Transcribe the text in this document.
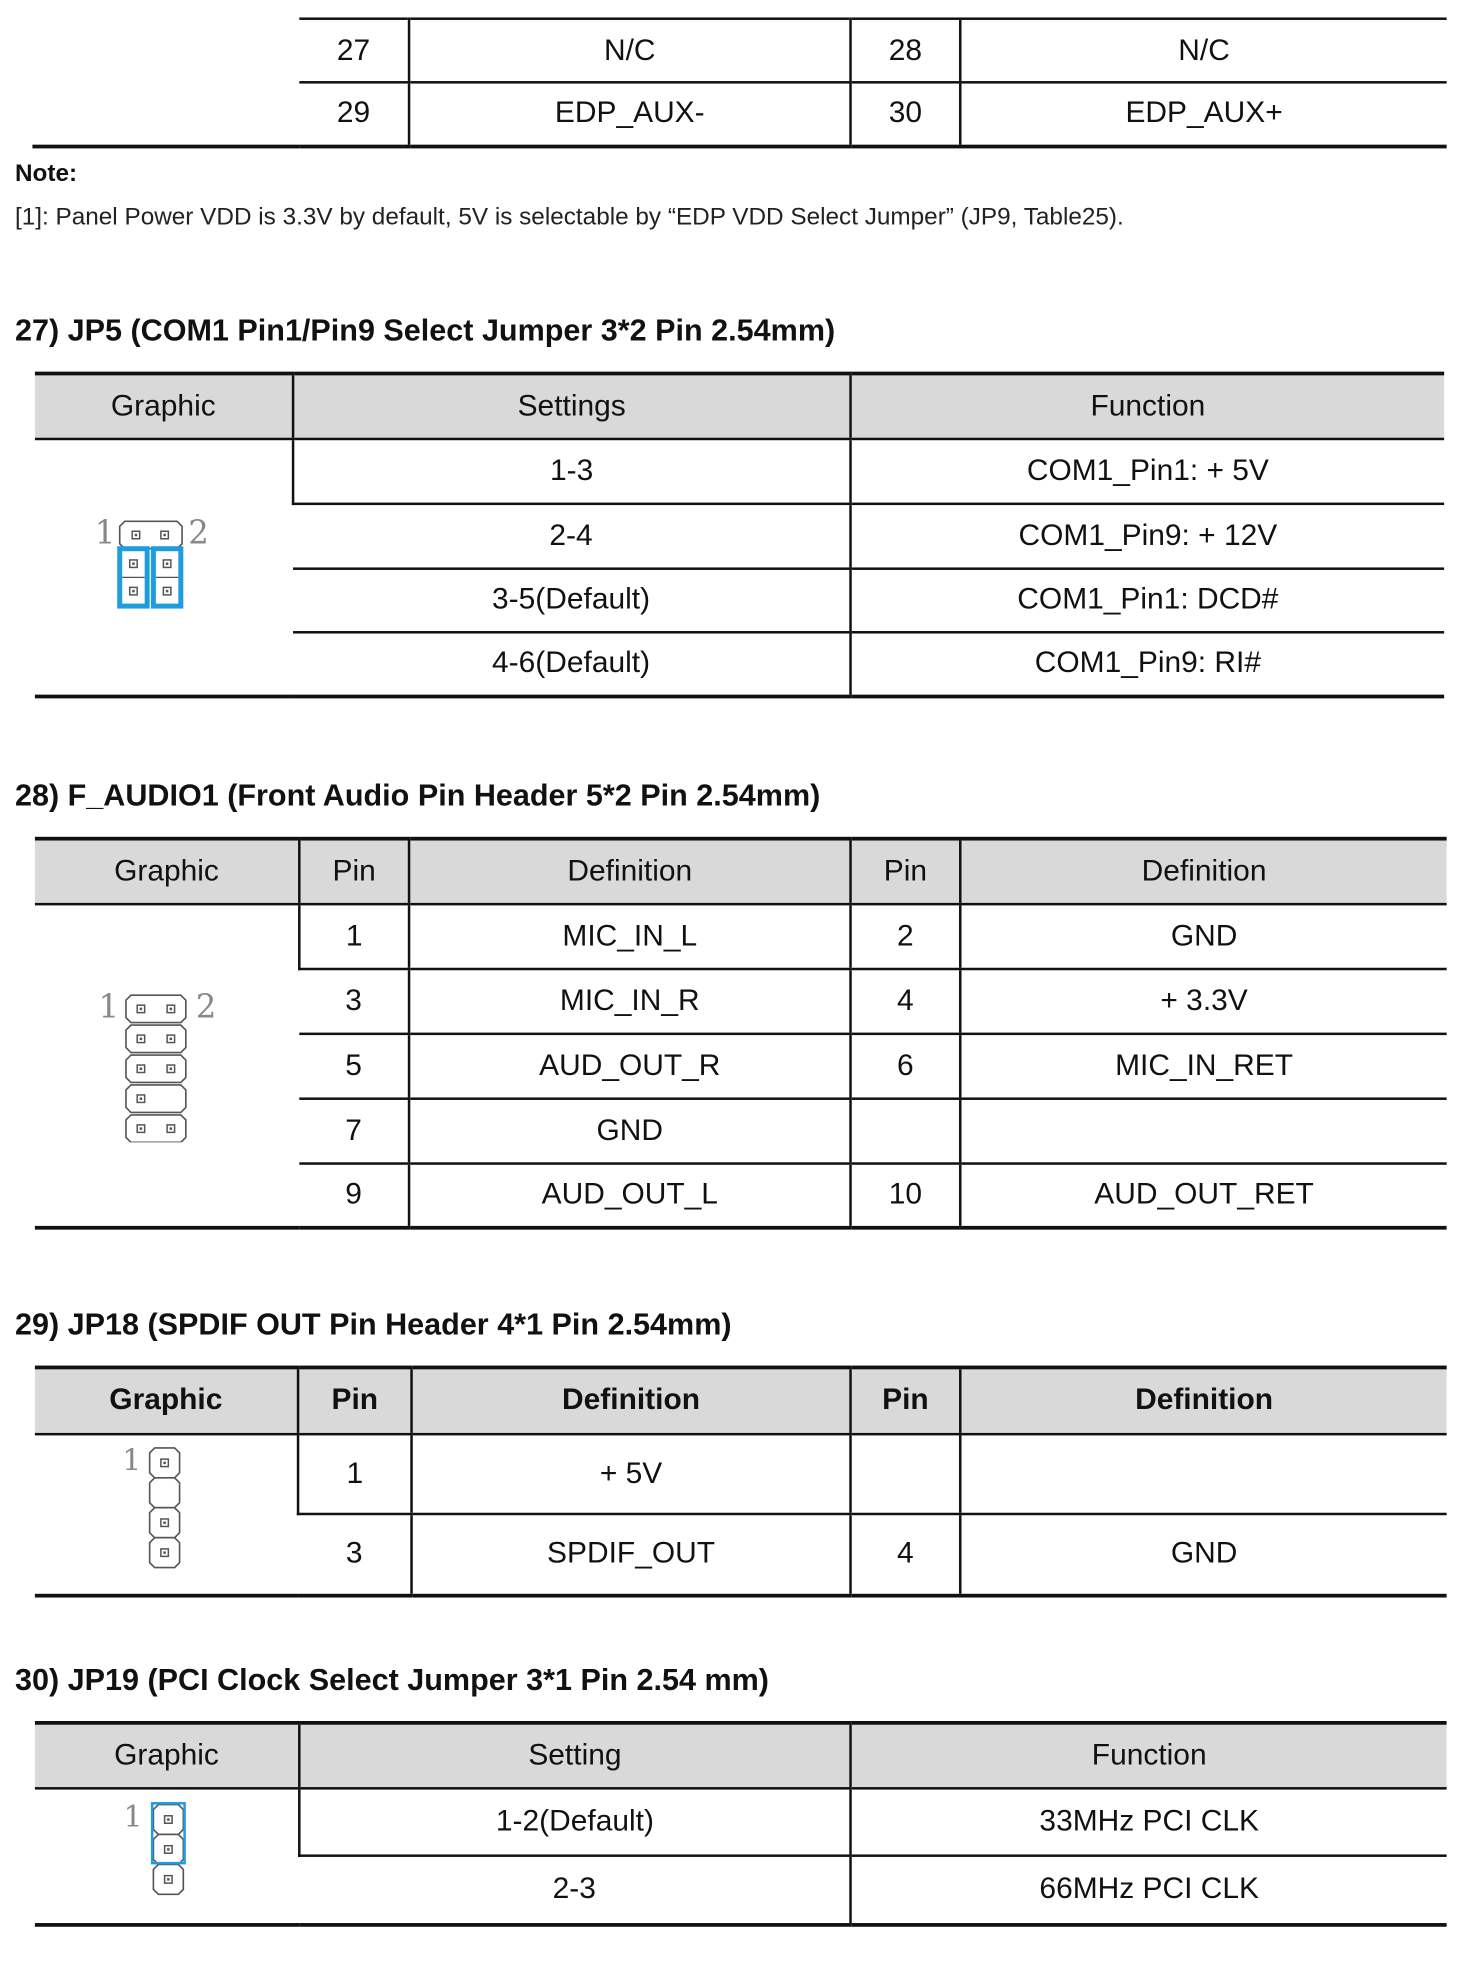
27	N/C	28	N/C
29	EDP_AUX-	30	EDP_AUX+
Note:
[1]: Panel Power VDD is 3.3V by default, 5V is selectable by “EDP VDD Select Jumper” (JP9, Table25).
27) JP5 (COM1 Pin1/Pin9 Select Jumper 3*2 Pin 2.54mm)
Graphic	Settings	Function

1 2	1-3	COM1_Pin1: + 5V
	2-4	COM1_Pin9: + 12V
	3-5(Default)	COM1_Pin1: DCD#
	4-6(Default)	COM1_Pin9: RI#
28) F_AUDIO1 (Front Audio Pin Header 5*2 Pin 2.54mm)
Graphic	Pin	Definition	Pin	Definition

1 2	1	MIC_IN_L	2	GND
	3	MIC_IN_R	4	+ 3.3V
	5	AUD_OUT_R	6	MIC_IN_RET
	7	GND		
	9	AUD_OUT_L	10	AUD_OUT_RET
29) JP18 (SPDIF OUT Pin Header 4*1 Pin 2.54mm)
Graphic	Pin	Definition	Pin	Definition

1	1	+ 5V		
	3	SPDIF_OUT	4	GND
30) JP19 (PCI Clock Select Jumper 3*1 Pin 2.54 mm)
Graphic	Setting	Function

1	1-2(Default)	33MHz PCI CLK
	2-3	66MHz PCI CLK
